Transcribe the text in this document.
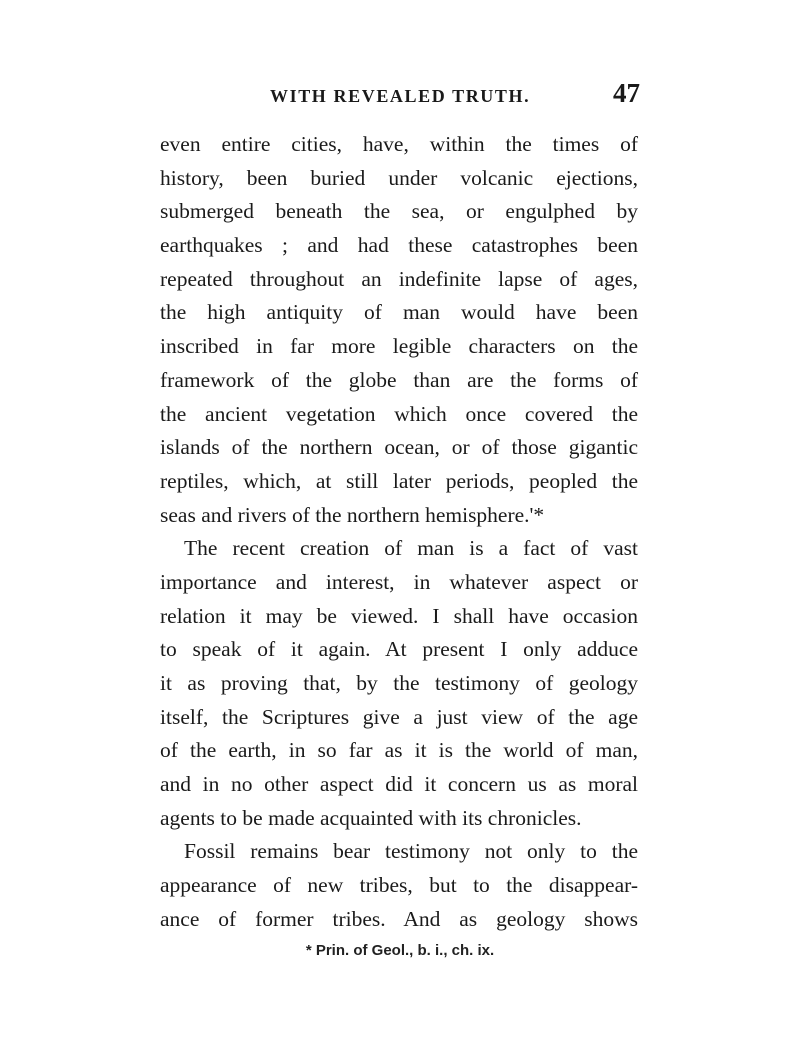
WITH REVEALED TRUTH.	47
even entire cities, have, within the times of
history, been buried under volcanic ejections,
submerged beneath the sea, or engulphed by
earthquakes ; and had these catastrophes been
repeated throughout an indefinite lapse of ages,
the high antiquity of man would have been
inscribed in far more legible characters on the
framework of the globe than are the forms of
the ancient vegetation which once covered the
islands of the northern ocean, or of those gigantic
reptiles, which, at still later periods, peopled the
seas and rivers of the northern hemisphere.'*
The recent creation of man is a fact of vast
importance and interest, in whatever aspect or
relation it may be viewed. I shall have occasion
to speak of it again. At present I only adduce
it as proving that, by the testimony of geology
itself, the Scriptures give a just view of the age
of the earth, in so far as it is the world of man,
and in no other aspect did it concern us as moral
agents to be made acquainted with its chronicles.
Fossil remains bear testimony not only to the
appearance of new tribes, but to the disappear-
ance of former tribes. And as geology shows
* Prin. of Geol., b. i., ch. ix.
